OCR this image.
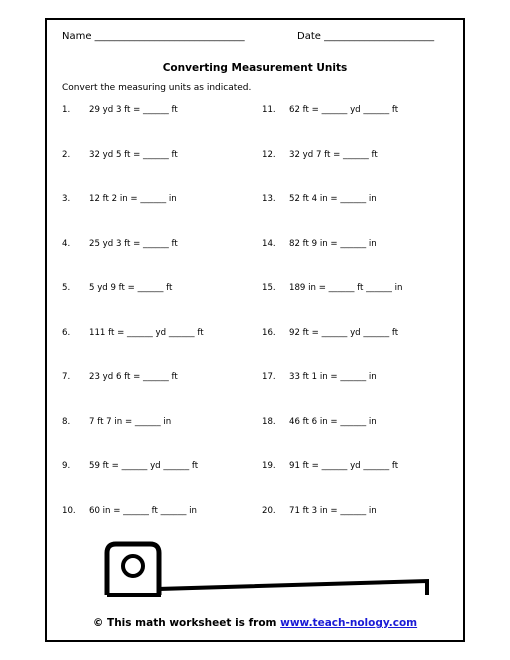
Name ______________________________	Date ______________________
Converting Measurement Units
Convert the measuring units as indicated.
1. 29 yd 3 ft = ______ ft
2. 32 yd 5 ft = ______ ft
3. 12 ft 2 in = ______ in
4. 25 yd 3 ft = ______ ft
5. 5 yd 9 ft = ______ ft
6. 111 ft = ______ yd ______ ft
7. 23 yd 6 ft = ______ ft
8. 7 ft 7 in = ______ in
9. 59 ft = ______ yd ______ ft
10. 60 in = ______ ft ______ in
11. 62 ft = ______ yd ______ ft
12. 32 yd 7 ft = ______ ft
13. 52 ft 4 in = ______ in
14. 82 ft 9 in = ______ in
15. 189 in = ______ ft ______ in
16. 92 ft = ______ yd ______ ft
17. 33 ft 1 in = ______ in
18. 46 ft 6 in = ______ in
19. 91 ft = ______ yd ______ ft
20. 71 ft 3 in = ______ in
© This math worksheet is from www.teach-nology.com
